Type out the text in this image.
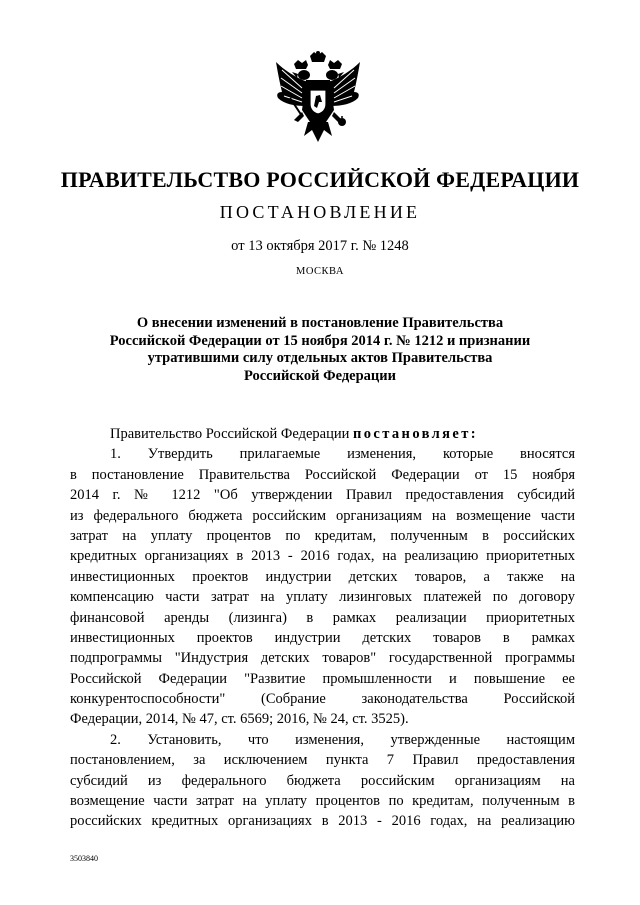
ПРАВИТЕЛЬСТВО РОССИЙСКОЙ ФЕДЕРАЦИИ
ПОСТАНОВЛЕНИЕ
от 13 октября 2017 г. № 1248
МОСКВА
О внесении изменений в постановление Правительства
Российской Федерации от 15 ноября 2014 г. № 1212 и признании
утратившими силу отдельных актов Правительства
Российской Федерации
Правительство Российской Федерации постановляет:
1. Утвердить прилагаемые изменения, которые вносятся
в постановление Правительства Российской Федерации от 15 ноября
2014 г. № 1212 "Об утверждении Правил предоставления субсидий
из федерального бюджета российским организациям на возмещение части
затрат на уплату процентов по кредитам, полученным в российских
кредитных организациях в 2013 - 2016 годах, на реализацию приоритетных
инвестиционных проектов индустрии детских товаров, а также на
компенсацию части затрат на уплату лизинговых платежей по договору
финансовой аренды (лизинга) в рамках реализации приоритетных
инвестиционных проектов индустрии детских товаров в рамках
подпрограммы "Индустрия детских товаров" государственной программы
Российской Федерации "Развитие промышленности и повышение ее
конкурентоспособности" (Собрание законодательства Российской
Федерации, 2014, № 47, ст. 6569; 2016, № 24, ст. 3525).
2. Установить, что изменения, утвержденные настоящим
постановлением, за исключением пункта 7 Правил предоставления
субсидий из федерального бюджета российским организациям на
возмещение части затрат на уплату процентов по кредитам, полученным в
российских кредитных организациях в 2013 - 2016 годах, на реализацию
3503840
